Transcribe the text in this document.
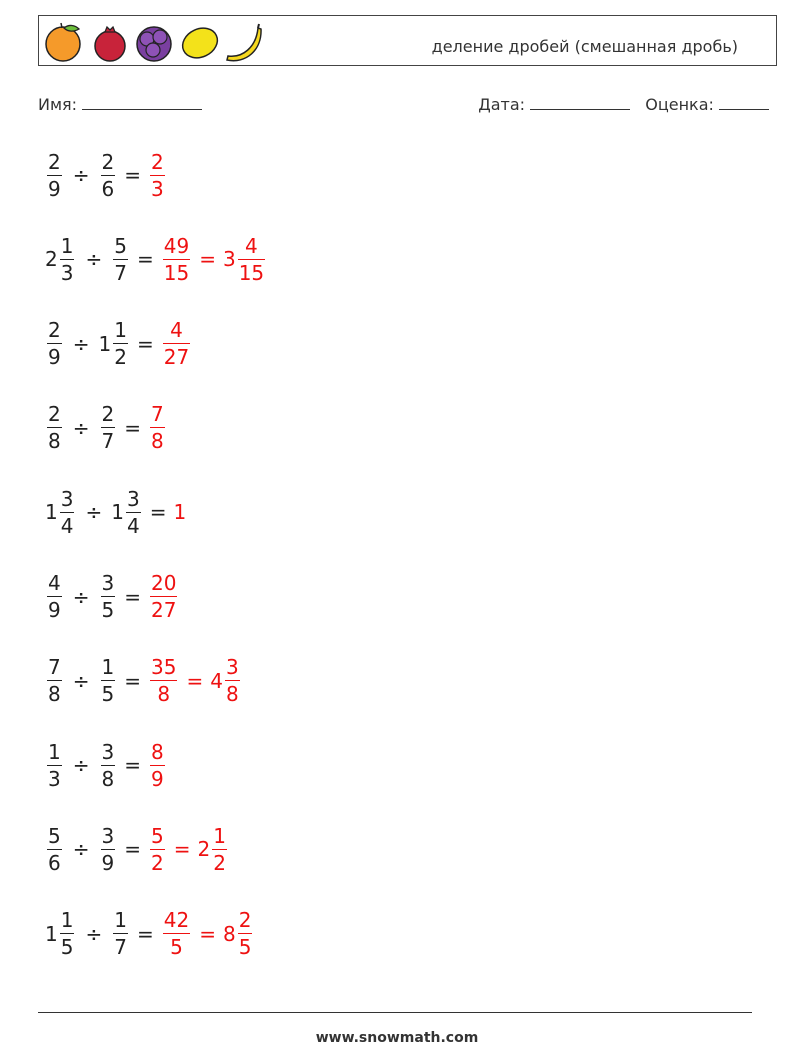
деление дробей (смешанная дробь)
Имя:	Дата:	Оценка:
$\frac{2}{9} \div \frac{2}{6} = \frac{2}{3}$
$2 \frac{1}{3} \div \frac{5}{7} = \frac{49}{15} = 3 \frac{4}{15}$
$\frac{2}{9} \div 1 \frac{1}{2} = \frac{4}{27}$
$\frac{2}{8} \div \frac{2}{7} = \frac{7}{8}$
$1 \frac{3}{4} \div 1 \frac{3}{4} = 1$
$\frac{4}{9} \div \frac{3}{5} = \frac{20}{27}$
$\frac{7}{8} \div \frac{1}{5} = \frac{35}{8} = 4 \frac{3}{8}$
$\frac{1}{3} \div \frac{3}{8} = \frac{8}{9}$
$\frac{5}{6} \div \frac{3}{9} = \frac{5}{2} = 2 \frac{1}{2}$
$1 \frac{1}{5} \div \frac{1}{7} = \frac{42}{5} = 8 \frac{2}{5}$
www.snowmath.com
